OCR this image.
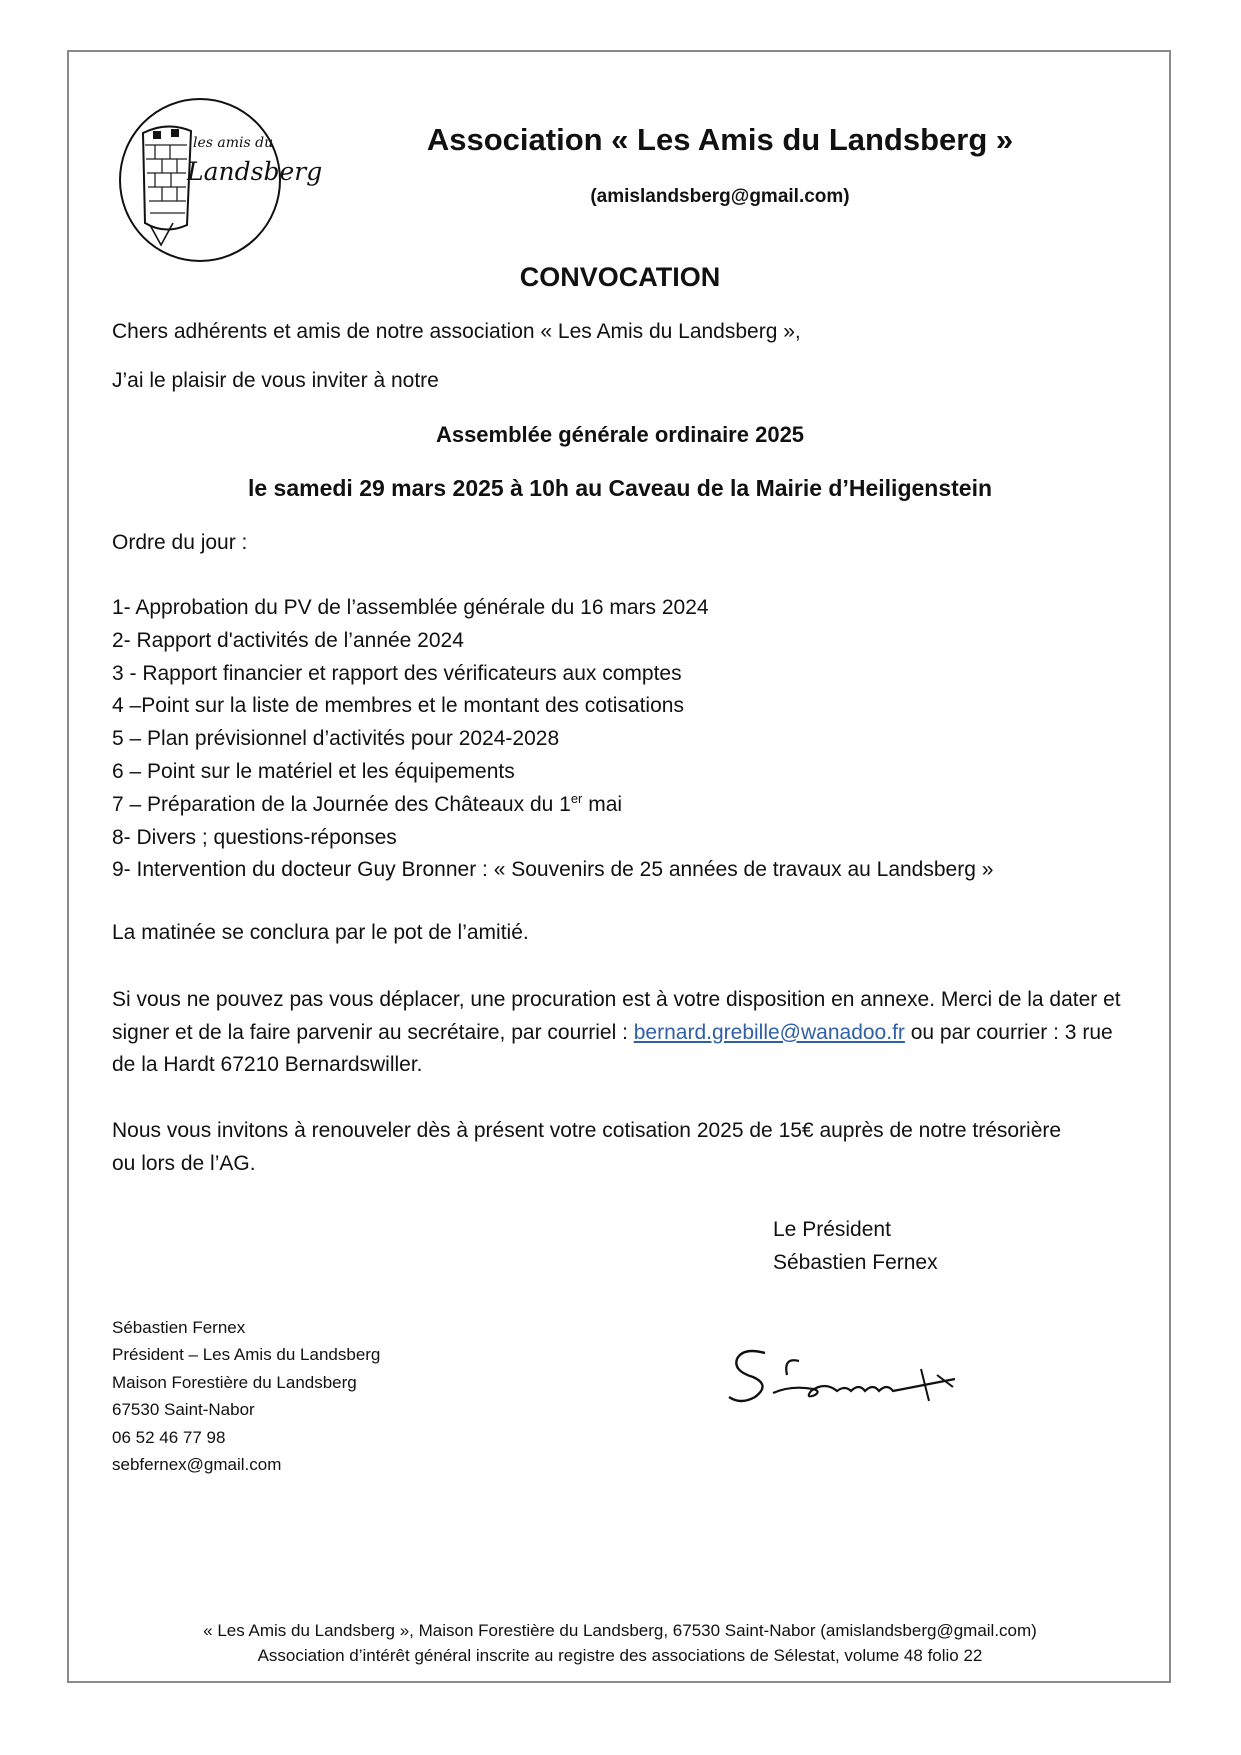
les amis du
Landsberg
Association « Les Amis du Landsberg »
(amislandsberg@gmail.com)
CONVOCATION
Chers adhérents et amis de notre association « Les Amis du Landsberg »,
J’ai le plaisir de vous inviter à notre
Assemblée générale ordinaire 2025
le samedi 29 mars 2025 à 10h au Caveau de la Mairie d’Heiligenstein
Ordre du jour :
1- Approbation du PV de l’assemblée générale du 16 mars 2024
2- Rapport d'activités de l’année 2024
3 - Rapport financier et rapport des vérificateurs aux comptes
4 –Point sur la liste de membres et le montant des cotisations
5 – Plan prévisionnel d’activités pour 2024-2028
6 – Point sur le matériel et les équipements
7 – Préparation de la Journée des Châteaux du 1er mai
8- Divers ; questions-réponses
9- Intervention du docteur Guy Bronner : « Souvenirs de 25 années de travaux au Landsberg »
La matinée se conclura par le pot de l’amitié.
Si vous ne pouvez pas vous déplacer, une procuration est à votre disposition en annexe. Merci de la dater et signer et de la faire parvenir au secrétaire, par courriel : bernard.grebille@wanadoo.fr ou par courrier : 3 rue de la Hardt 67210 Bernardswiller.
Nous vous invitons à renouveler dès à présent votre cotisation 2025 de 15€ auprès de notre trésorière ou lors de l’AG.
Le Président
Sébastien Fernex
Sébastien Fernex
Président – Les Amis du Landsberg
Maison Forestière du Landsberg
67530 Saint-Nabor
06 52 46 77 98
sebfernex@gmail.com
« Les Amis du Landsberg », Maison Forestière du Landsberg, 67530 Saint-Nabor (amislandsberg@gmail.com)
Association d’intérêt général inscrite au registre des associations de Sélestat, volume 48 folio 22
